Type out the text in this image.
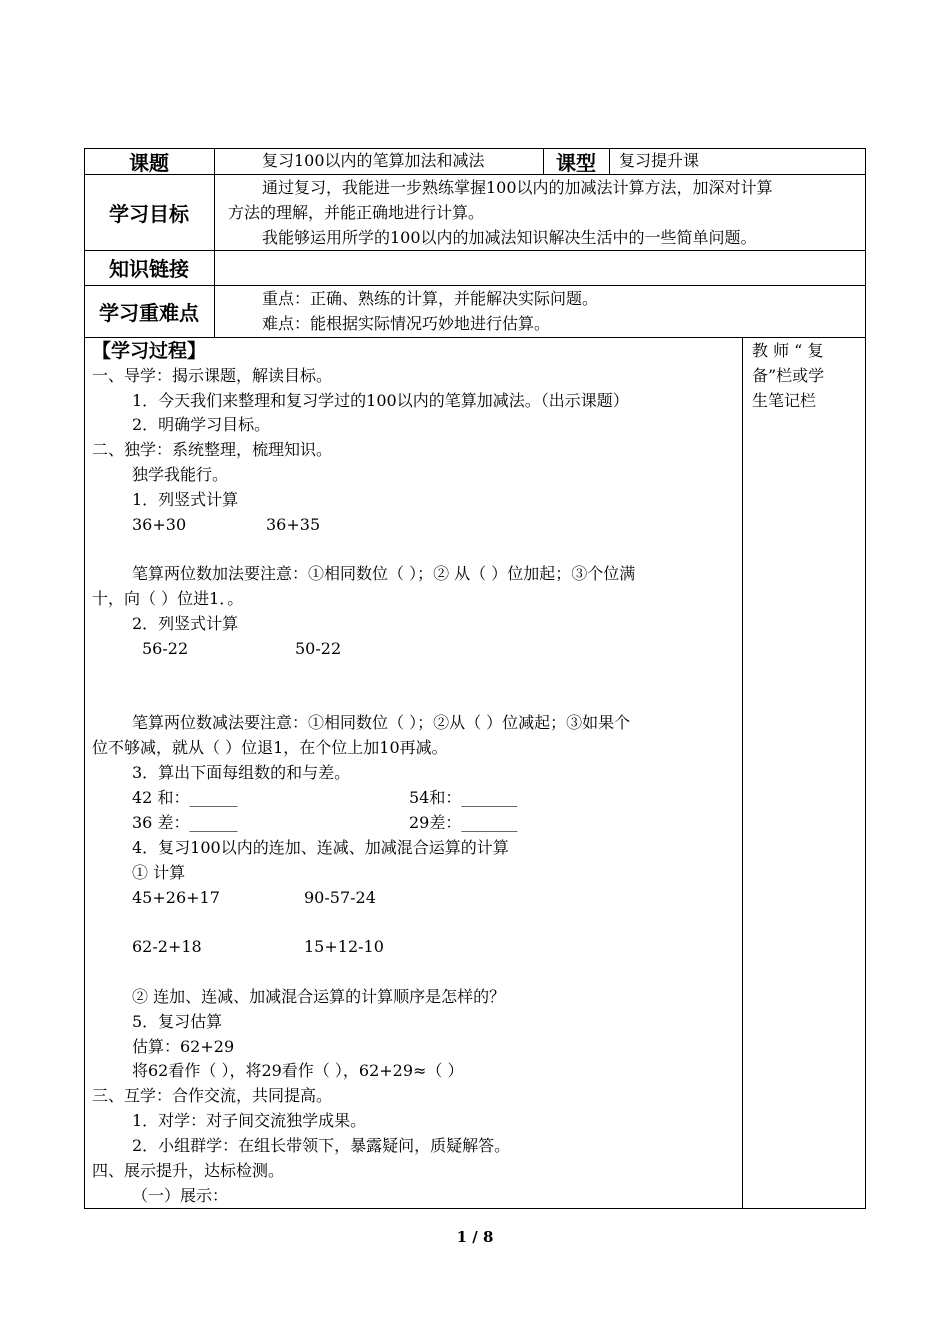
课题	复习100以内的笔算加法和减法	课型	复习提升课
学习目标
通过复习，我能进一步熟练掌握100以内的加减法计算方法，加深对计算
方法的理解，并能正确地进行计算。
我能够运用所学的100以内的加减法知识解决生活中的一些简单问题。
知识链接
学习重难点
重点：正确、熟练的计算，并能解决实际问题。
难点：能根据实际情况巧妙地进行估算。
教 师 “ 复
备”栏或学
生笔记栏
【学习过程】
一、导学：揭示课题，解读目标。
1．今天我们来整理和复习学过的100以内的笔算加减法。（出示课题）
2．明确学习目标。
二、独学：系统整理，梳理知识。
独学我能行。
1．列竖式计算
36+30	36+35
笔算两位数加法要注意：①相同数位（ ）；② 从（ ）位加起；③个位满
十，向（ ）位进1．。
2．列竖式计算
56-22	50-22
笔算两位数减法要注意：①相同数位（ ）；②从（ ）位减起；③如果个
位不够减，就从（ ）位退1，在个位上加10再减。
3．算出下面每组数的和与差。
42 和：______	54和：_______
36 差：______	29差：_______
4．复习100以内的连加、连减、加减混合运算的计算
① 计算
45+26+17	90-57-24
62-2+18	15+12-10
② 连加、连减、加减混合运算的计算顺序是怎样的？
5．复习估算
估算：62+29
将62看作（ ），将29看作（ ），62+29≈（ ）
三、互学：合作交流，共同提高。
1．对学：对子间交流独学成果。
2．小组群学：在组长带领下，暴露疑问，质疑解答。
四、展示提升，达标检测。
（一）展示：
1 / 8
